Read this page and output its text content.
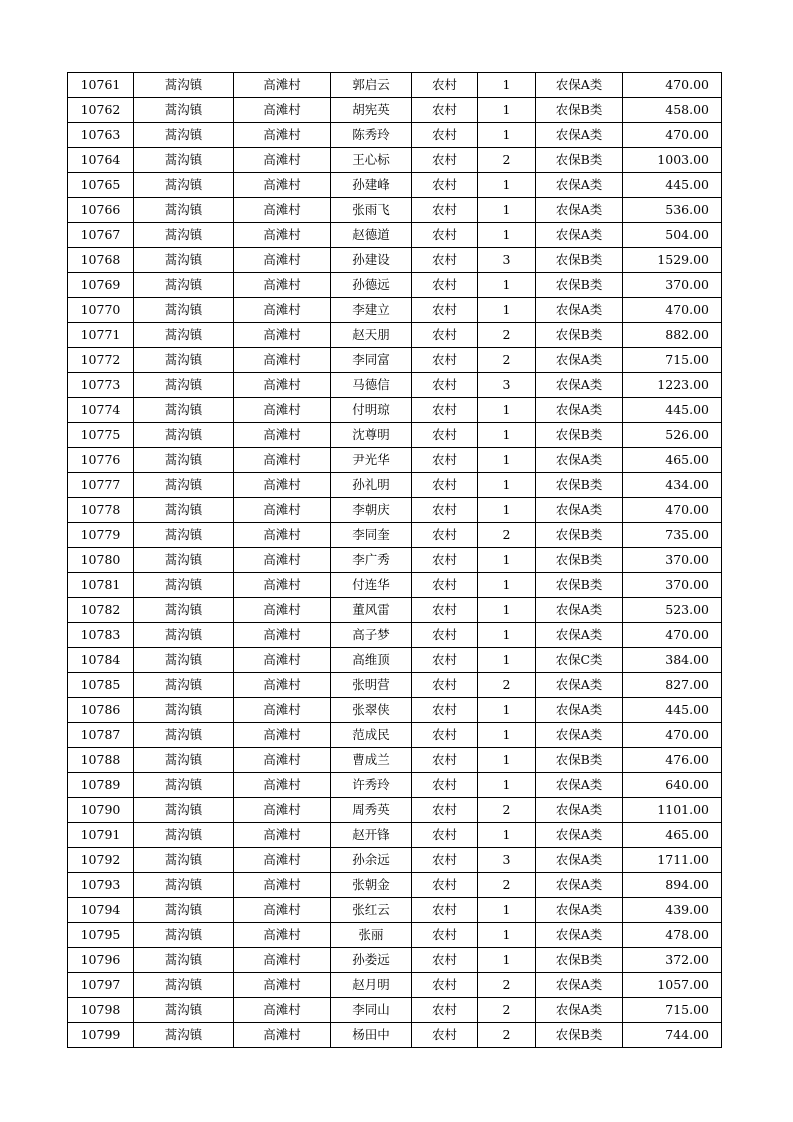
10761	蒿沟镇	高滩村	郭启云	农村	1	农保A类	470.00
10762	蒿沟镇	高滩村	胡宪英	农村	1	农保B类	458.00
10763	蒿沟镇	高滩村	陈秀玲	农村	1	农保A类	470.00
10764	蒿沟镇	高滩村	王心标	农村	2	农保B类	1003.00
10765	蒿沟镇	高滩村	孙建峰	农村	1	农保A类	445.00
10766	蒿沟镇	高滩村	张雨飞	农村	1	农保A类	536.00
10767	蒿沟镇	高滩村	赵德道	农村	1	农保A类	504.00
10768	蒿沟镇	高滩村	孙建设	农村	3	农保B类	1529.00
10769	蒿沟镇	高滩村	孙德远	农村	1	农保B类	370.00
10770	蒿沟镇	高滩村	李建立	农村	1	农保A类	470.00
10771	蒿沟镇	高滩村	赵天朋	农村	2	农保B类	882.00
10772	蒿沟镇	高滩村	李同富	农村	2	农保A类	715.00
10773	蒿沟镇	高滩村	马德信	农村	3	农保A类	1223.00
10774	蒿沟镇	高滩村	付明琼	农村	1	农保A类	445.00
10775	蒿沟镇	高滩村	沈尊明	农村	1	农保B类	526.00
10776	蒿沟镇	高滩村	尹光华	农村	1	农保A类	465.00
10777	蒿沟镇	高滩村	孙礼明	农村	1	农保B类	434.00
10778	蒿沟镇	高滩村	李朝庆	农村	1	农保A类	470.00
10779	蒿沟镇	高滩村	李同奎	农村	2	农保B类	735.00
10780	蒿沟镇	高滩村	李广秀	农村	1	农保B类	370.00
10781	蒿沟镇	高滩村	付连华	农村	1	农保B类	370.00
10782	蒿沟镇	高滩村	董风雷	农村	1	农保A类	523.00
10783	蒿沟镇	高滩村	高子梦	农村	1	农保A类	470.00
10784	蒿沟镇	高滩村	高维顶	农村	1	农保C类	384.00
10785	蒿沟镇	高滩村	张明营	农村	2	农保A类	827.00
10786	蒿沟镇	高滩村	张翠侠	农村	1	农保A类	445.00
10787	蒿沟镇	高滩村	范成民	农村	1	农保A类	470.00
10788	蒿沟镇	高滩村	曹成兰	农村	1	农保B类	476.00
10789	蒿沟镇	高滩村	许秀玲	农村	1	农保A类	640.00
10790	蒿沟镇	高滩村	周秀英	农村	2	农保A类	1101.00
10791	蒿沟镇	高滩村	赵开锋	农村	1	农保A类	465.00
10792	蒿沟镇	高滩村	孙余远	农村	3	农保A类	1711.00
10793	蒿沟镇	高滩村	张朝金	农村	2	农保A类	894.00
10794	蒿沟镇	高滩村	张红云	农村	1	农保A类	439.00
10795	蒿沟镇	高滩村	张丽	农村	1	农保A类	478.00
10796	蒿沟镇	高滩村	孙娄远	农村	1	农保B类	372.00
10797	蒿沟镇	高滩村	赵月明	农村	2	农保A类	1057.00
10798	蒿沟镇	高滩村	李同山	农村	2	农保A类	715.00
10799	蒿沟镇	高滩村	杨田中	农村	2	农保B类	744.00
